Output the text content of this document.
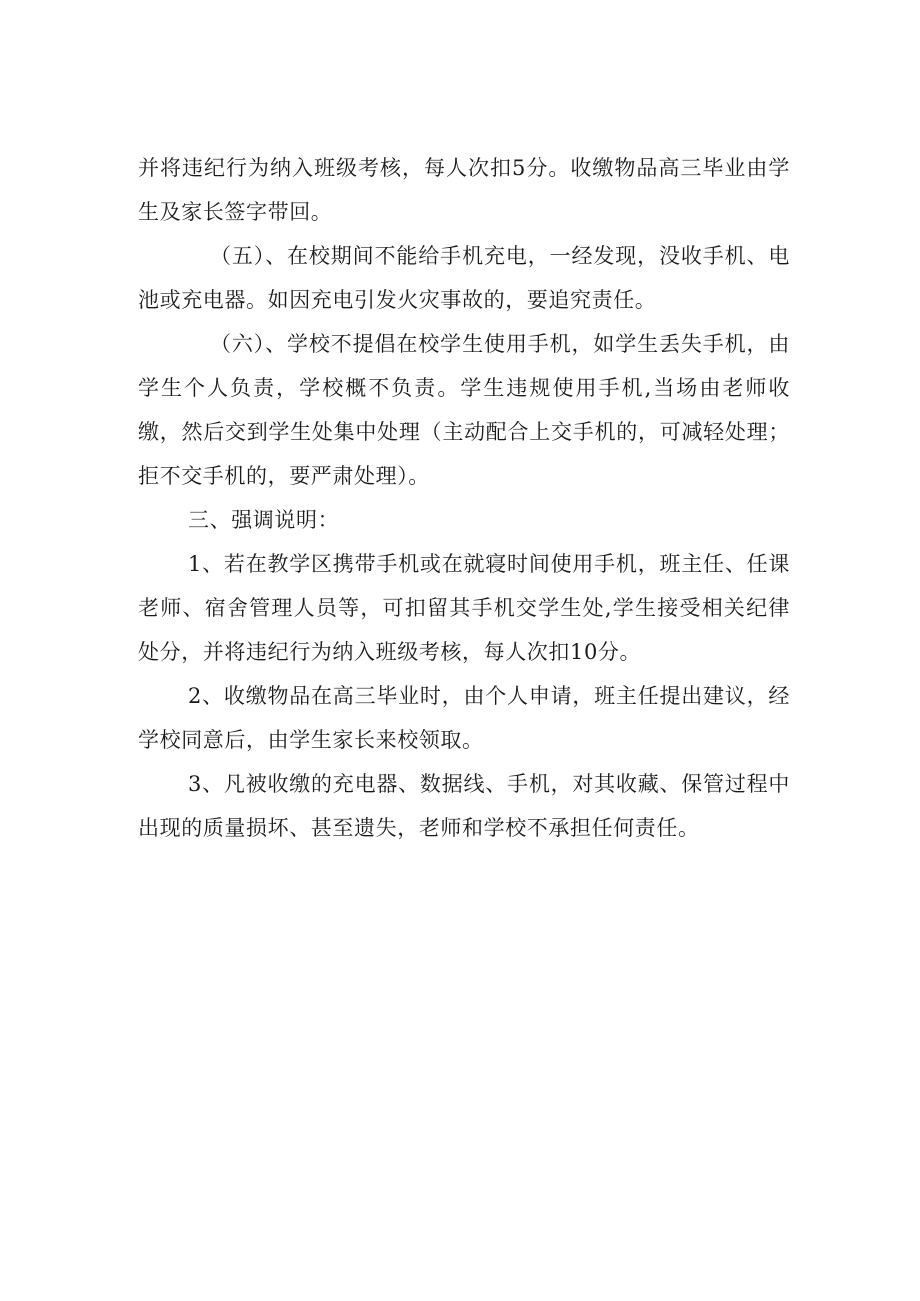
并将违纪行为纳入班级考核，每人次扣5分。收缴物品高三毕业由学生及家长签字带回。

（五）、在校期间不能给手机充电，一经发现，没收手机、电池或充电器。如因充电引发火灾事故的，要追究责任。

（六）、学校不提倡在校学生使用手机，如学生丢失手机，由学生个人负责，学校概不负责。学生违规使用手机,当场由老师收缴，然后交到学生处集中处理（主动配合上交手机的，可减轻处理；拒不交手机的，要严肃处理）。

三、强调说明：

1、若在教学区携带手机或在就寝时间使用手机，班主任、任课老师、宿舍管理人员等，可扣留其手机交学生处,学生接受相关纪律处分，并将违纪行为纳入班级考核，每人次扣10分。

2、收缴物品在高三毕业时，由个人申请，班主任提出建议，经学校同意后，由学生家长来校领取。

3、凡被收缴的充电器、数据线、手机，对其收藏、保管过程中出现的质量损坏、甚至遗失，老师和学校不承担任何责任。
